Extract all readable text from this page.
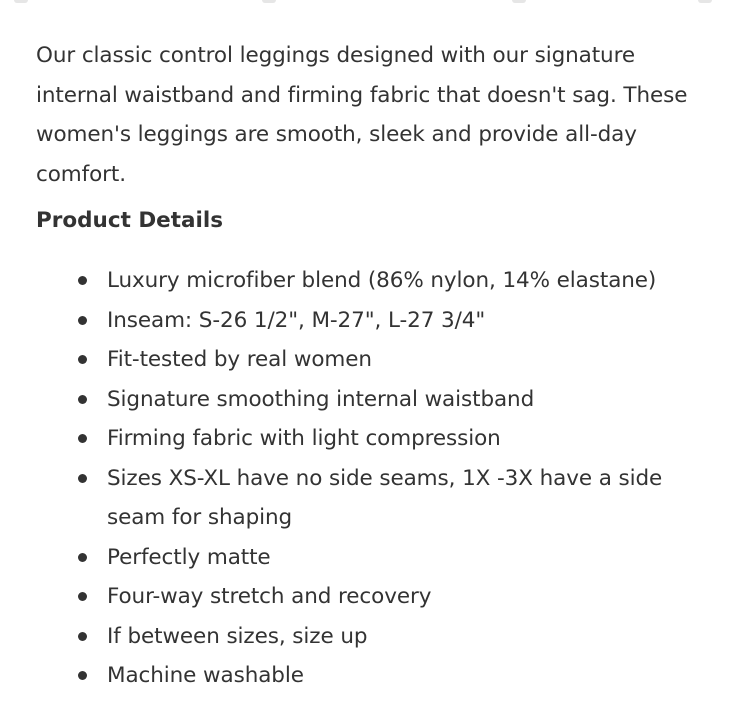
Our classic control leggings designed with our signature internal waistband and firming fabric that doesn't sag. These women's leggings are smooth, sleek and provide all-day comfort.

Product Details
Luxury microfiber blend (86% nylon, 14% elastane)
Inseam: S-26 1/2", M-27", L-27 3/4"
Fit-tested by real women
Signature smoothing internal waistband
Firming fabric with light compression
Sizes XS-XL have no side seams, 1X -3X have a side seam for shaping
Perfectly matte
Four-way stretch and recovery
If between sizes, size up
Machine washable
